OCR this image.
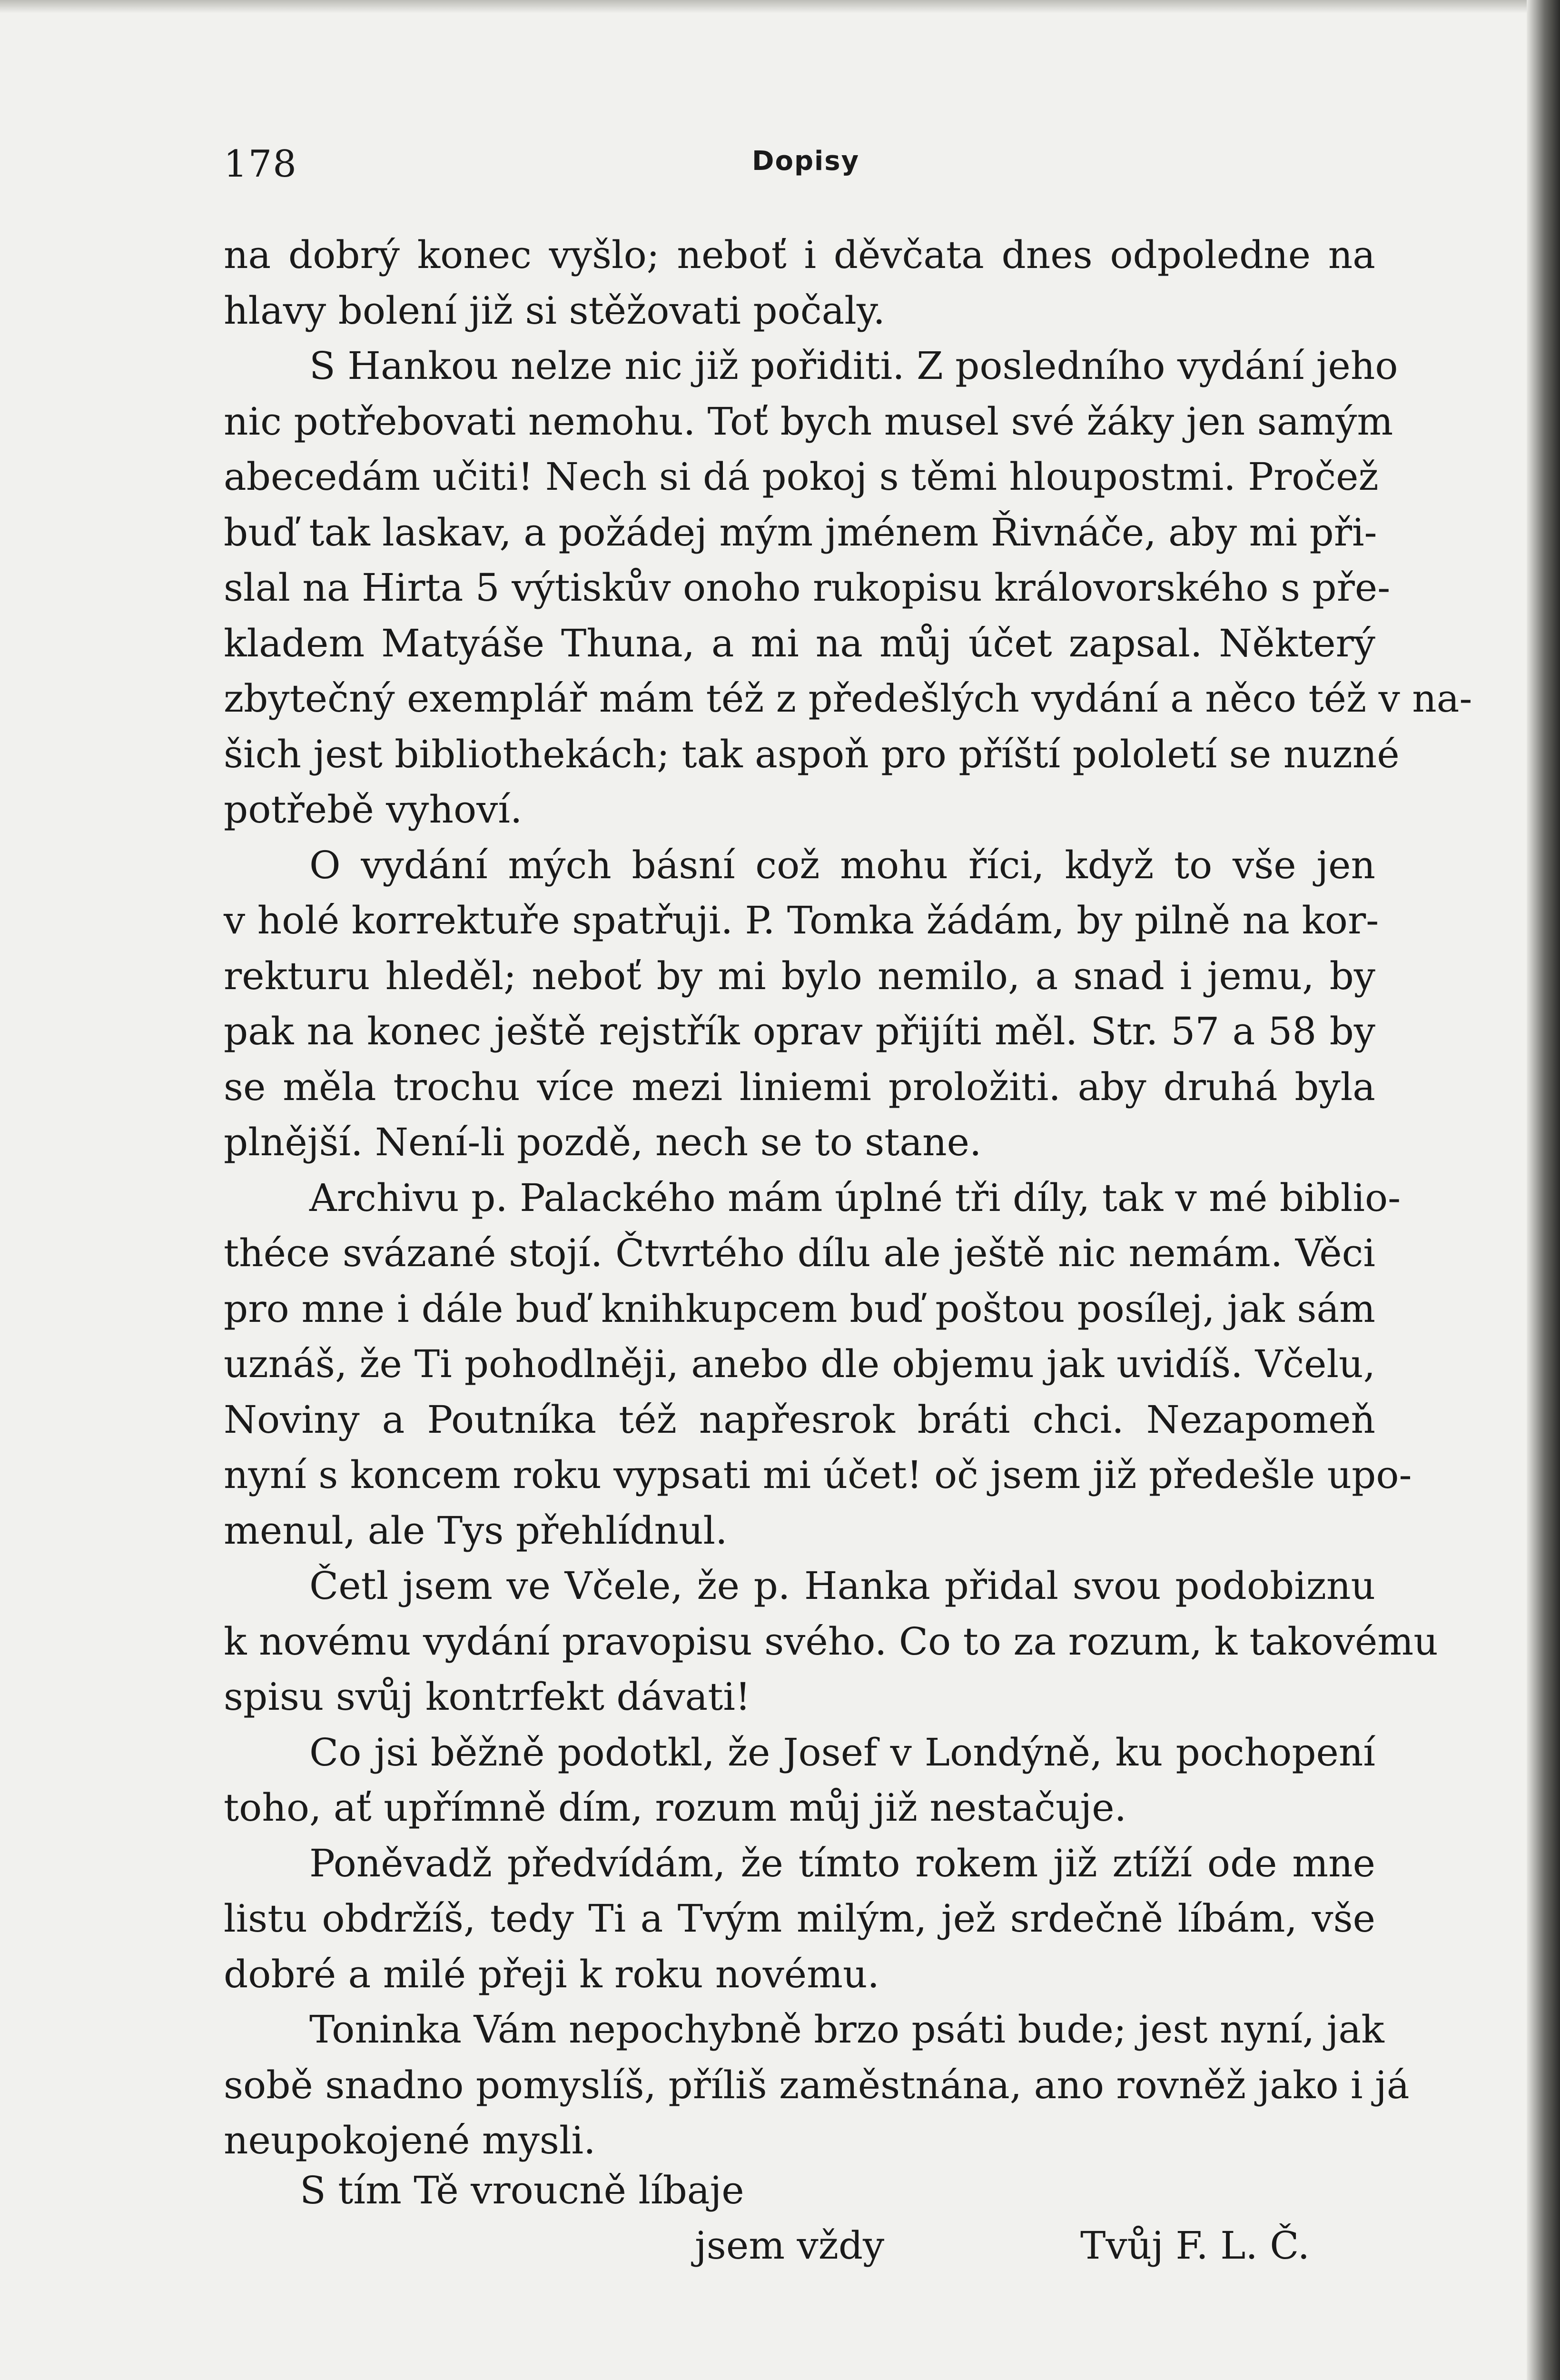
178	Dopisy
na dobrý konec vyšlo; neboť i děvčata dnes odpoledne na
hlavy bolení již si stěžovati počaly.
S Hankou nelze nic již pořiditi. Z posledního vydání jeho
nic potřebovati nemohu. Toť bych musel své žáky jen samým
abecedám učiti! Nech si dá pokoj s těmi hloupostmi. Pročež
buď tak laskav, a požádej mým jménem Řivnáče, aby mi při-
slal na Hirta 5 výtiskův onoho rukopisu královorského s pře-
kladem Matyáše Thuna, a mi na můj účet zapsal. Některý
zbytečný exemplář mám též z předešlých vydání a něco též v na-
šich jest bibliothekách; tak aspoň pro příští pololetí se nuzné
potřebě vyhoví.
O vydání mých básní což mohu říci, když to vše jen
v holé korrektuře spatřuji. P. Tomka žádám, by pilně na kor-
rekturu hleděl; neboť by mi bylo nemilo, a snad i jemu, by
pak na konec ještě rejstřík oprav přijíti měl. Str. 57 a 58 by
se měla trochu více mezi liniemi proložiti. aby druhá byla
plnější. Není-li pozdě, nech se to stane.
Archivu p. Palackého mám úplné tři díly, tak v mé biblio-
théce svázané stojí. Čtvrtého dílu ale ještě nic nemám. Věci
pro mne i dále buď knihkupcem buď poštou posílej, jak sám
uznáš, že Ti pohodlněji, anebo dle objemu jak uvidíš. Včelu,
Noviny a Poutníka též napřesrok bráti chci. Nezapomeň
nyní s koncem roku vypsati mi účet! oč jsem již předešle upo-
menul, ale Tys přehlídnul.
Četl jsem ve Včele, že p. Hanka přidal svou podobiznu
k novému vydání pravopisu svého. Co to za rozum, k takovému
spisu svůj kontrfekt dávati!
Co jsi běžně podotkl, že Josef v Londýně, ku pochopení
toho, ať upřímně dím, rozum můj již nestačuje.
Poněvadž předvídám, že tímto rokem již ztíží ode mne
listu obdržíš, tedy Ti a Tvým milým, jež srdečně líbám, vše
dobré a milé přeji k roku novému.
Toninka Vám nepochybně brzo psáti bude; jest nyní, jak
sobě snadno pomyslíš, příliš zaměstnána, ano rovněž jako i já
neupokojené mysli.
S tím Tě vroucně líbaje
jsem vždy	Tvůj F. L. Č.
